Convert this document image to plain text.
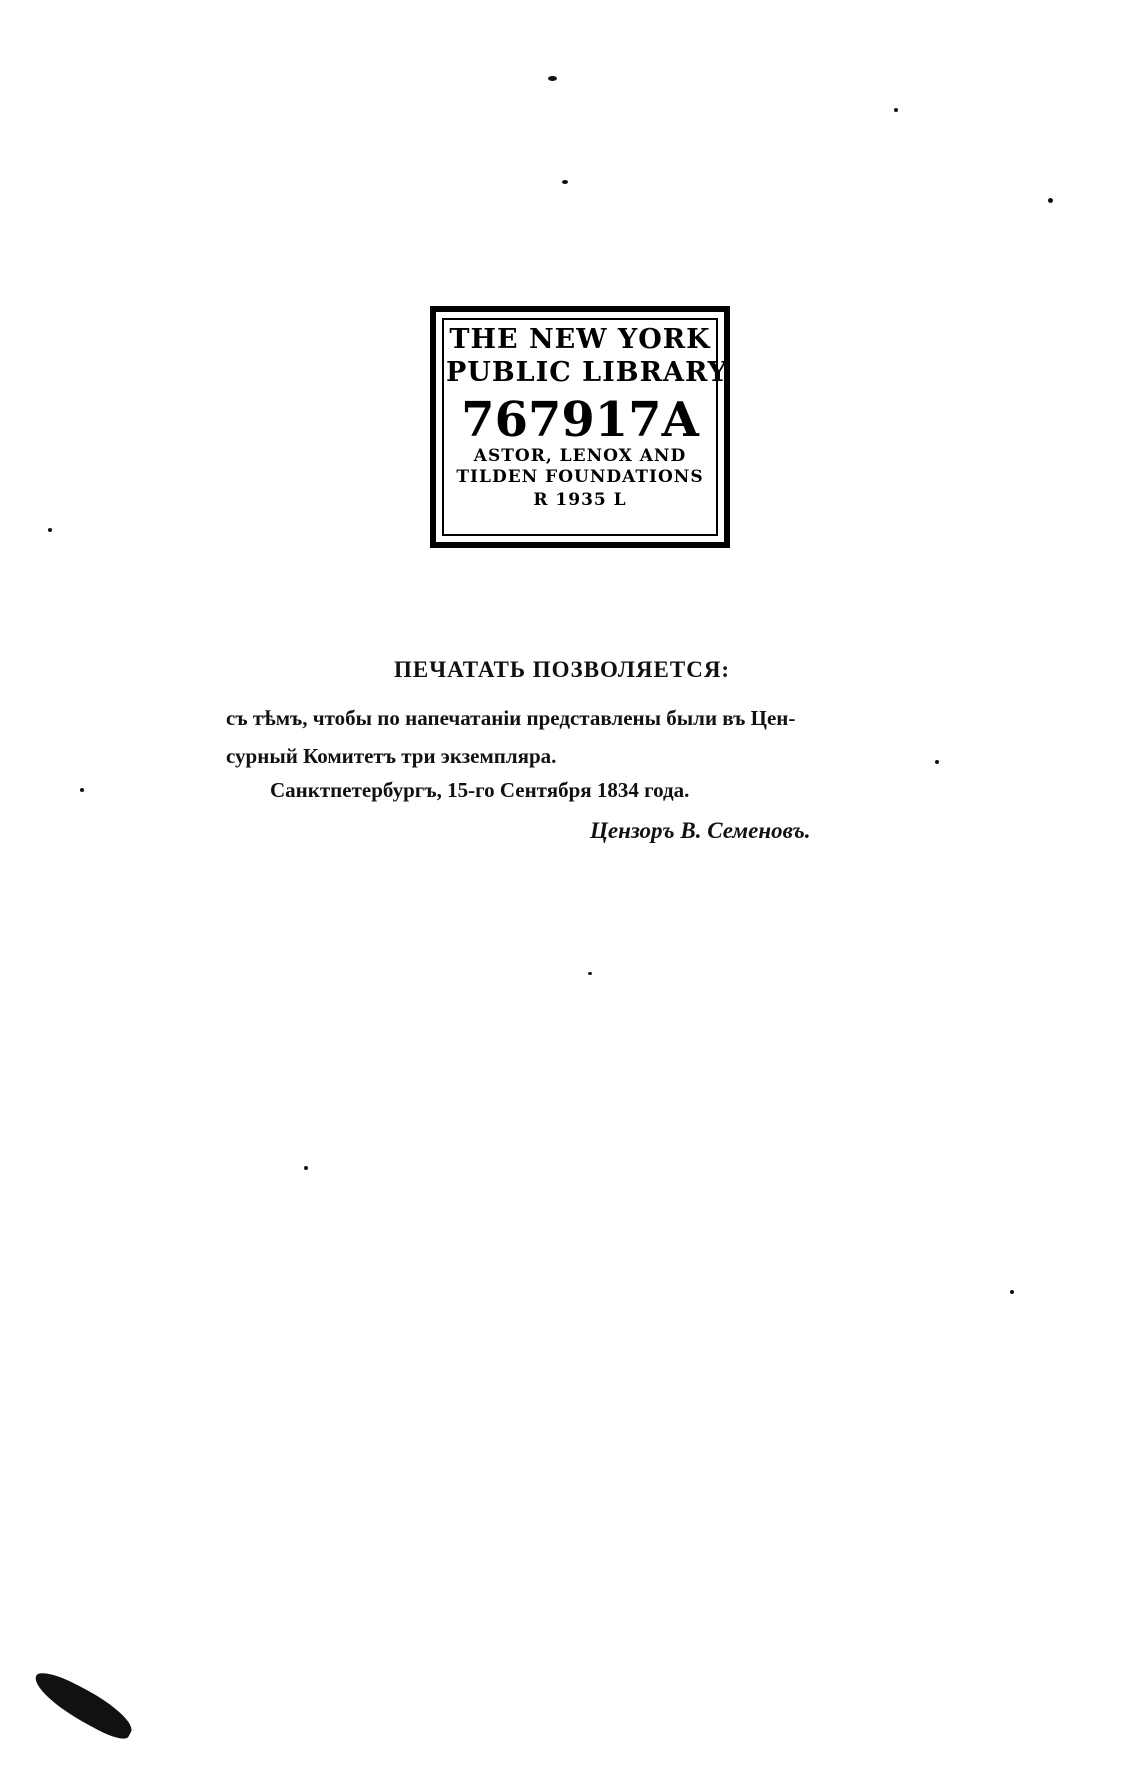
THE NEW YORK
PUBLIC LIBRARY
767917A
ASTOR, LENOX AND
TILDEN FOUNDATIONS
R 1935 L
ПЕЧАТАТЬ ПОЗВОЛЯЕТСЯ:
съ тѣмъ, чтобы по напечатаніи представлены были въ Цен-
сурный Комитетъ три экземпляра.
Санктпетербургъ, 15-го Сентября 1834 года.
Цензоръ В. Семеновъ.
